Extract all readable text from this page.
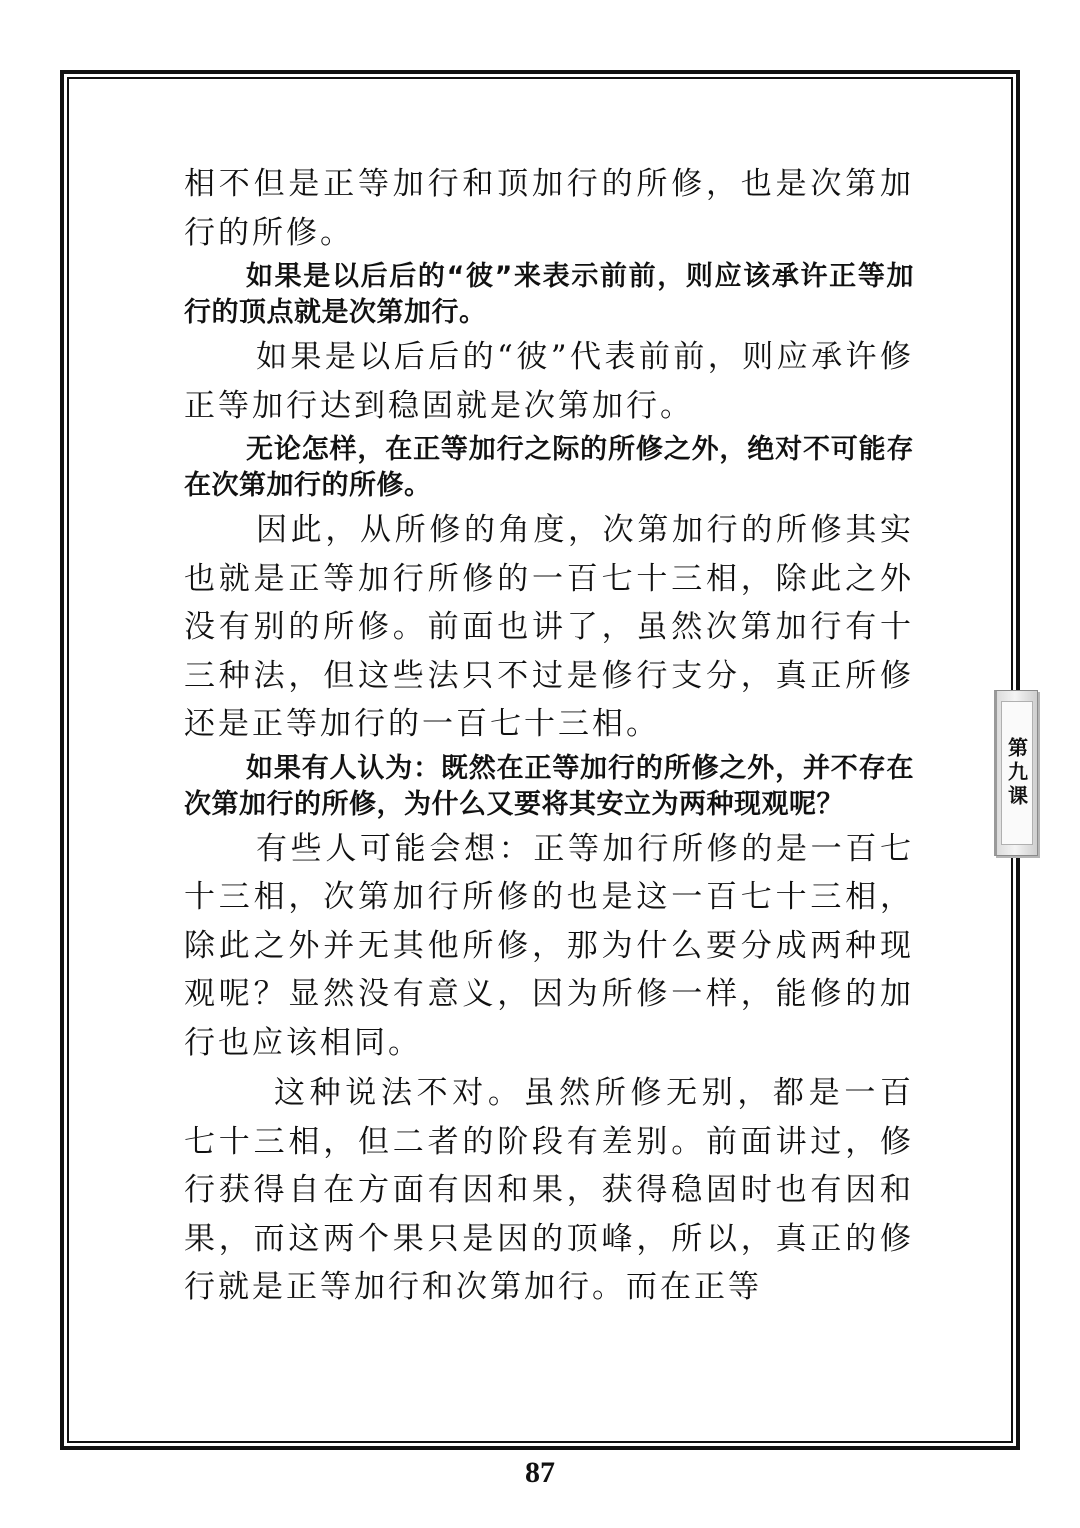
相不但是正等加行和顶加行的所修，也是次第加行的所修。

如果是以后后的“彼”来表示前前，则应该承许正等加行的顶点就是次第加行。

如果是以后后的“彼”代表前前，则应承许修正等加行达到稳固就是次第加行。

无论怎样，在正等加行之际的所修之外，绝对不可能存在次第加行的所修。

因此，从所修的角度，次第加行的所修其实也就是正等加行所修的一百七十三相，除此之外没有别的所修。前面也讲了，虽然次第加行有十三种法，但这些法只不过是修行支分，真正所修还是正等加行的一百七十三相。

如果有人认为：既然在正等加行的所修之外，并不存在次第加行的所修，为什么又要将其安立为两种现观呢？

有些人可能会想：正等加行所修的是一百七十三相，次第加行所修的也是这一百七十三相，除此之外并无其他所修，那为什么要分成两种现观呢？显然没有意义，因为所修一样，能修的加行也应该相同。

这种说法不对。虽然所修无别，都是一百七十三相，但二者的阶段有差别。前面讲过，修行获得自在方面有因和果，获得稳固时也有因和果，而这两个果只是因的顶峰，所以，真正的修行就是正等加行和次第加行。而在正等

第九课
87
